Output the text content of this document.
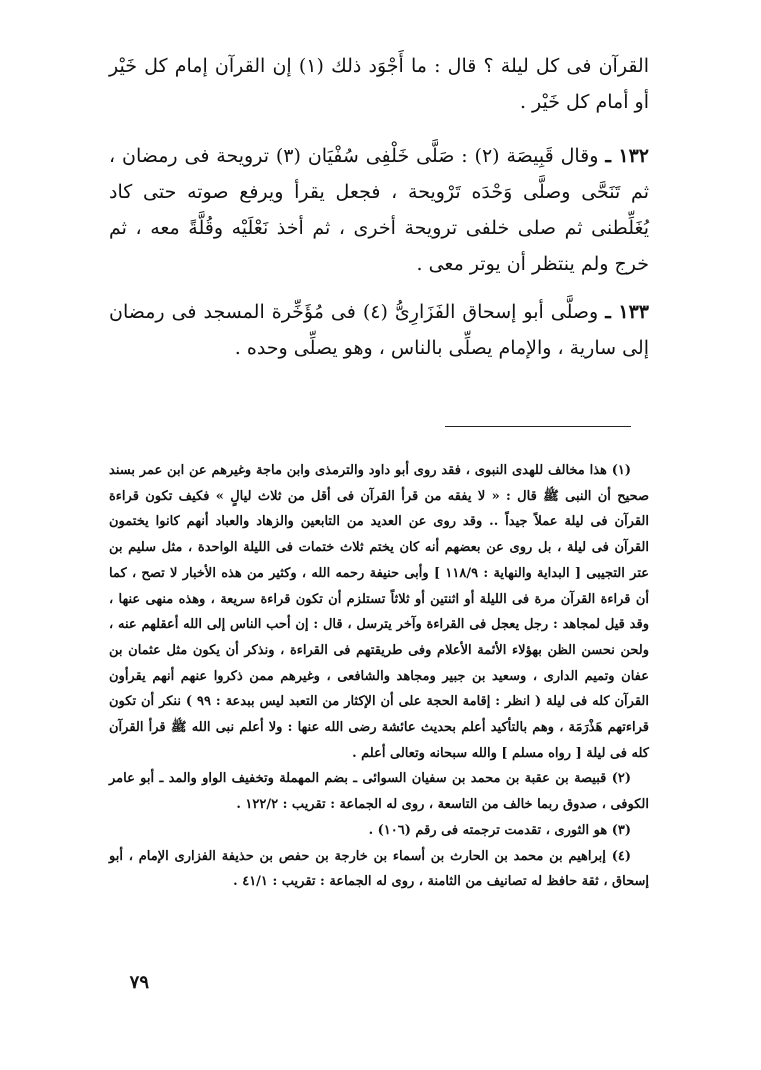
القرآن فى كل ليلة ؟ قال : ما أَجْوَد ذلك (١) إن القرآن إمام كل خَيْر أو أمام كل خَيْر .

١٣٢ ـ وقال قَبِيصَة (٢) : صَلَّى خَلْفِى سُفْيَان (٣) ترويحة فى رمضان ، ثم تَنَحَّى وصلَّى وَحْدَه تَرْويحة ، فجعل يقرأ ويرفع صوته حتى كاد يُغَلِّطنى ثم صلى خلفى ترويحة أخرى ، ثم أخذ نَعْلَيْه وقُلَّةً معه ، ثم خرج ولم ينتظر أن يوتر معى .

١٣٣ ـ وصلَّى أبو إسحاق الفَزَارِىُّ (٤) فى مُؤَخِّرة المسجد فى رمضان إلى سارية ، والإمام يصلِّى بالناس ، وهو يصلِّى وحده .

(١) هذا مخالف للهدى النبوى ، فقد روى أبو داود والترمذى وابن ماجة وغيرهم عن ابن عمر بسند صحيح أن النبى ﷺ قال : « لا يفقه من قرأ القرآن فى أقل من ثلاث ليالٍ » فكيف تكون قراءة القرآن فى ليلة عملاً جيداً .. وقد روى عن العديد من التابعين والزهاد والعباد أنهم كانوا يختمون القرآن فى ليلة ، بل روى عن بعضهم أنه كان يختم ثلاث ختمات فى الليلة الواحدة ، مثل سليم بن عتر التجيبى [ البداية والنهاية : ١١٨/٩ ] وأبى حنيفة رحمه الله ، وكثير من هذه الأخبار لا تصح ، كما أن قراءة القرآن مرة فى الليلة أو اثنتين أو ثلاثاً تستلزم أن تكون قراءة سريعة ، وهذه منهى عنها ، وقد قيل لمجاهد : رجل يعجل فى القراءة وآخر يترسل ، قال : إن أحب الناس إلى الله أعقلهم عنه ، ولحن نحسن الظن بهؤلاء الأئمة الأعلام وفى طريقتهم فى القراءة ، ونذكر أن يكون مثل عثمان بن عفان وتميم الدارى ، وسعيد بن جبير ومجاهد والشافعى ، وغيرهم ممن ذكروا عنهم أنهم يقرأون القرآن كله فى ليلة ( انظر : إقامة الحجة على أن الإكثار من التعبد ليس ببدعة : ٩٩ ) ننكر أن تكون قراءتهم هَذْرَمَة ، وهم بالتأكيد أعلم بحديث عائشة رضى الله عنها : ولا أعلم نبى الله ﷺ قرأ القرآن كله فى ليلة [ رواه مسلم ] والله سبحانه وتعالى أعلم .

(٢) قبيصة بن عقبة بن محمد بن سفيان السوائى ـ بضم المهملة وتخفيف الواو والمد ـ أبو عامر الكوفى ، صدوق ربما خالف من التاسعة ، روى له الجماعة : تقريب : ١٢٢/٢ .

(٣) هو الثورى ، تقدمت ترجمته فى رقم (١٠٦) .

(٤) إبراهيم بن محمد بن الحارث بن أسماء بن خارجة بن حفص بن حذيفة الفزارى الإمام ، أبو إسحاق ، ثقة حافظ له تصانيف من الثامنة ، روى له الجماعة : تقريب : ٤١/١ .

٧٩
